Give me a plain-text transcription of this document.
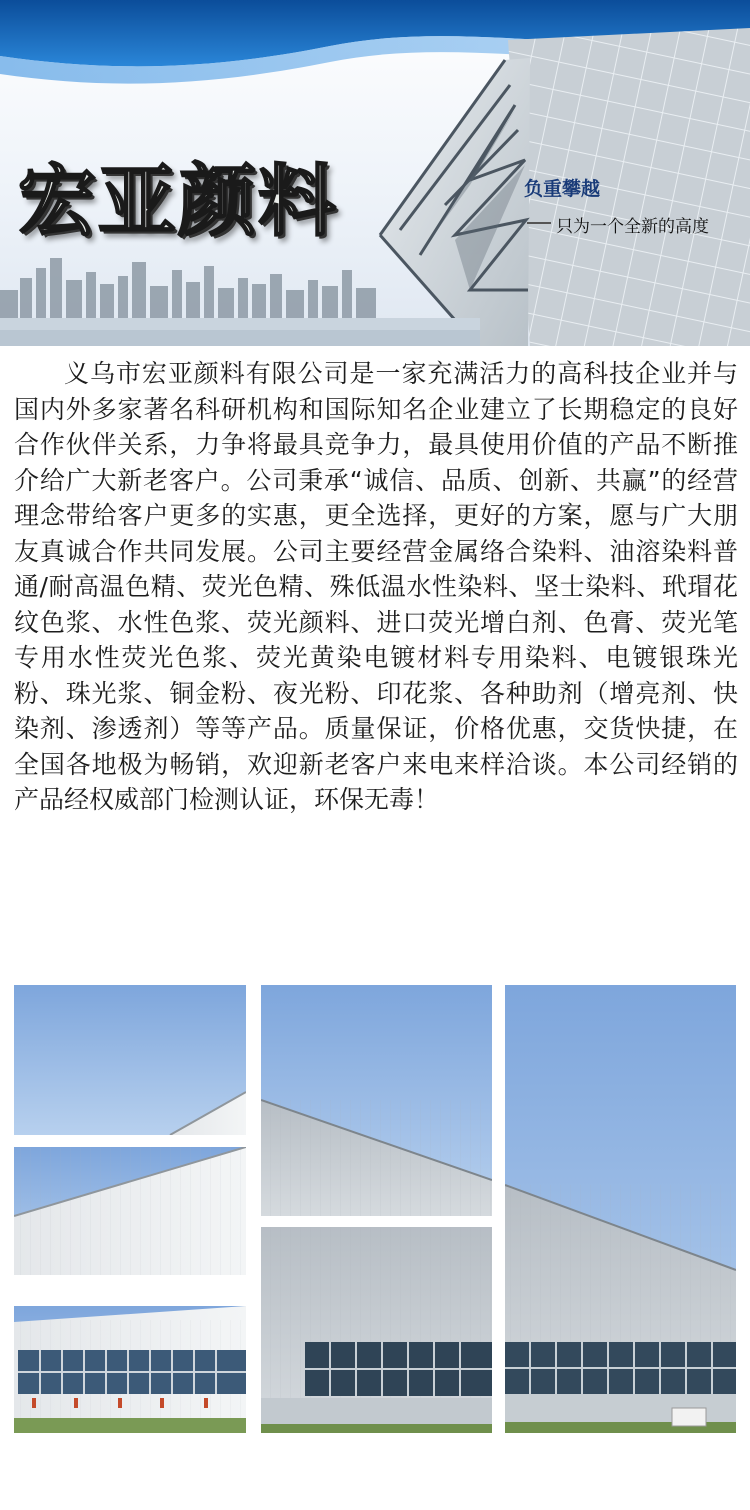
宏亚颜料	负重攀越
只为一个全新的高度

义乌市宏亚颜料有限公司是一家充满活力的高科技企业并与国内外多家著名科研机构和国际知名企业建立了长期稳定的良好合作伙伴关系，力争将最具竞争力，最具使用价值的产品不断推介给广大新老客户。公司秉承“诚信、品质、创新、共赢”的经营理念带给客户更多的实惠，更全选择，更好的方案，愿与广大朋友真诚合作共同发展。公司主要经营金属络合染料、油溶染料普通/耐高温色精、荧光色精、殊低温水性染料、坚士染料、玳瑁花纹色浆、水性色浆、荧光颜料、进口荧光增白剂、色膏、荧光笔专用水性荧光色浆、荧光黄染电镀材料专用染料、电镀银珠光粉、珠光浆、铜金粉、夜光粉、印花浆、各种助剂（增亮剂、快染剂、渗透剂）等等产品。质量保证，价格优惠，交货快捷，在全国各地极为畅销，欢迎新老客户来电来样洽谈。本公司经销的产品经权威部门检测认证，环保无毒！
